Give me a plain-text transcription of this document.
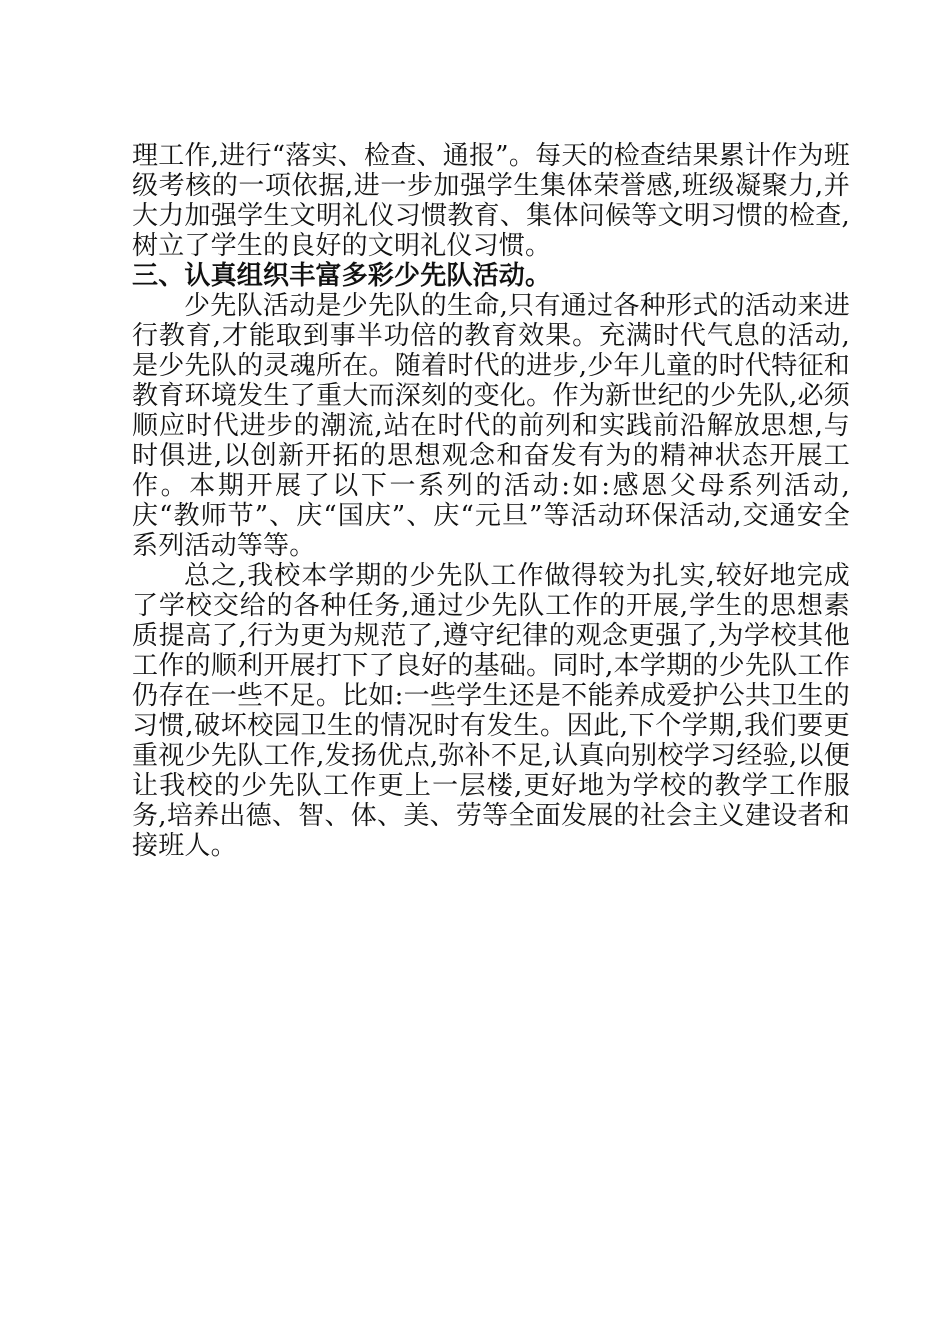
理工作,进行“落实、检查、通报”。每天的检查结果累计作为班级考核的一项依据,进一步加强学生集体荣誉感,班级凝聚力,并大力加强学生文明礼仪习惯教育、集体问候等文明习惯的检查,树立了学生的良好的文明礼仪习惯。

三、认真组织丰富多彩少先队活动。

少先队活动是少先队的生命,只有通过各种形式的活动来进行教育,才能取到事半功倍的教育效果。充满时代气息的活动,是少先队的灵魂所在。随着时代的进步,少年儿童的时代特征和教育环境发生了重大而深刻的变化。作为新世纪的少先队,必须顺应时代进步的潮流,站在时代的前列和实践前沿解放思想,与时俱进,以创新开拓的思想观念和奋发有为的精神状态开展工作。本期开展了以下一系列的活动:如:感恩父母系列活动,庆“教师节”、庆“国庆”、庆“元旦”等活动环保活动,交通安全系列活动等等。

总之,我校本学期的少先队工作做得较为扎实,较好地完成了学校交给的各种任务,通过少先队工作的开展,学生的思想素质提高了,行为更为规范了,遵守纪律的观念更强了,为学校其他工作的顺利开展打下了良好的基础。同时,本学期的少先队工作仍存在一些不足。比如:一些学生还是不能养成爱护公共卫生的习惯,破坏校园卫生的情况时有发生。因此,下个学期,我们要更重视少先队工作,发扬优点,弥补不足,认真向别校学习经验,以便让我校的少先队工作更上一层楼,更好地为学校的教学工作服务,培养出德、智、体、美、劳等全面发展的社会主义建设者和接班人。
